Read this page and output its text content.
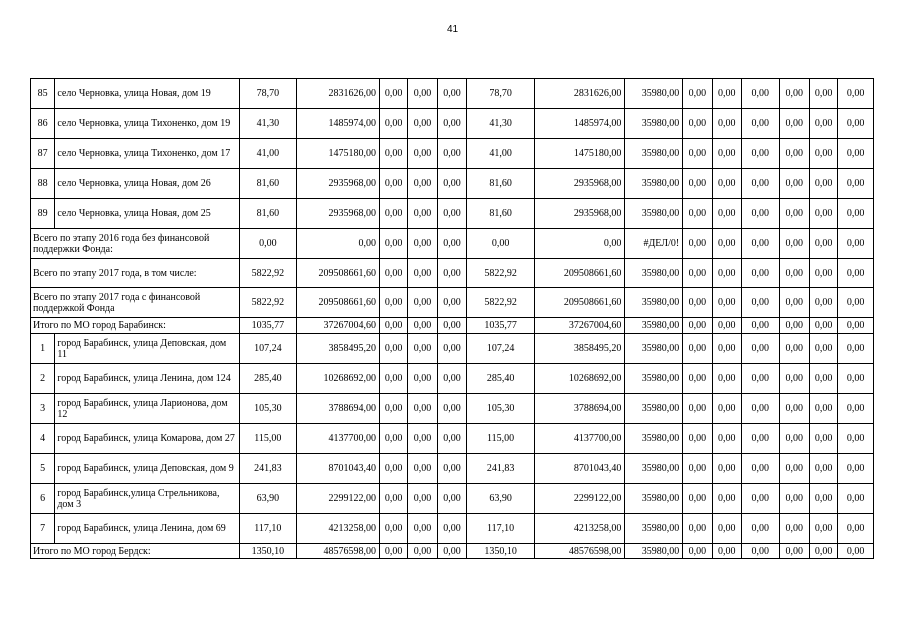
41
85	село Черновка, улица Новая, дом 19	78,70	2831626,00	0,00	0,00	0,00	78,70	2831626,00	35980,00	0,00	0,00	0,00	0,00	0,00	0,00
86	село Черновка, улица Тихоненко, дом 19	41,30	1485974,00	0,00	0,00	0,00	41,30	1485974,00	35980,00	0,00	0,00	0,00	0,00	0,00	0,00
87	село Черновка, улица Тихоненко, дом 17	41,00	1475180,00	0,00	0,00	0,00	41,00	1475180,00	35980,00	0,00	0,00	0,00	0,00	0,00	0,00
88	село Черновка, улица Новая, дом 26	81,60	2935968,00	0,00	0,00	0,00	81,60	2935968,00	35980,00	0,00	0,00	0,00	0,00	0,00	0,00
89	село Черновка, улица Новая, дом 25	81,60	2935968,00	0,00	0,00	0,00	81,60	2935968,00	35980,00	0,00	0,00	0,00	0,00	0,00	0,00
Всего по этапу 2016 года без финансовой поддержки Фонда:		0,00	0,00	0,00	0,00	0,00	0,00	0,00	#ДЕЛ/0!	0,00	0,00	0,00	0,00	0,00	0,00
Всего по этапу 2017 года, в том числе:		5822,92	209508661,60	0,00	0,00	0,00	5822,92	209508661,60	35980,00	0,00	0,00	0,00	0,00	0,00	0,00
Всего по этапу 2017 года с финансовой поддержкой Фонда		5822,92	209508661,60	0,00	0,00	0,00	5822,92	209508661,60	35980,00	0,00	0,00	0,00	0,00	0,00	0,00
Итого по МО город Барабинск:		1035,77	37267004,60	0,00	0,00	0,00	1035,77	37267004,60	35980,00	0,00	0,00	0,00	0,00	0,00	0,00
1	город Барабинск, улица Деповская, дом 11	107,24	3858495,20	0,00	0,00	0,00	107,24	3858495,20	35980,00	0,00	0,00	0,00	0,00	0,00	0,00
2	город Барабинск, улица Ленина, дом 124	285,40	10268692,00	0,00	0,00	0,00	285,40	10268692,00	35980,00	0,00	0,00	0,00	0,00	0,00	0,00
3	город Барабинск, улица Ларионова, дом 12	105,30	3788694,00	0,00	0,00	0,00	105,30	3788694,00	35980,00	0,00	0,00	0,00	0,00	0,00	0,00
4	город Барабинск, улица Комарова, дом 27	115,00	4137700,00	0,00	0,00	0,00	115,00	4137700,00	35980,00	0,00	0,00	0,00	0,00	0,00	0,00
5	город Барабинск, улица Деповская, дом 9	241,83	8701043,40	0,00	0,00	0,00	241,83	8701043,40	35980,00	0,00	0,00	0,00	0,00	0,00	0,00
6	город Барабинск,улица Стрельникова, дом 3	63,90	2299122,00	0,00	0,00	0,00	63,90	2299122,00	35980,00	0,00	0,00	0,00	0,00	0,00	0,00
7	город Барабинск, улица Ленина, дом 69	117,10	4213258,00	0,00	0,00	0,00	117,10	4213258,00	35980,00	0,00	0,00	0,00	0,00	0,00	0,00
Итого по МО город Бердск:		1350,10	48576598,00	0,00	0,00	0,00	1350,10	48576598,00	35980,00	0,00	0,00	0,00	0,00	0,00	0,00
